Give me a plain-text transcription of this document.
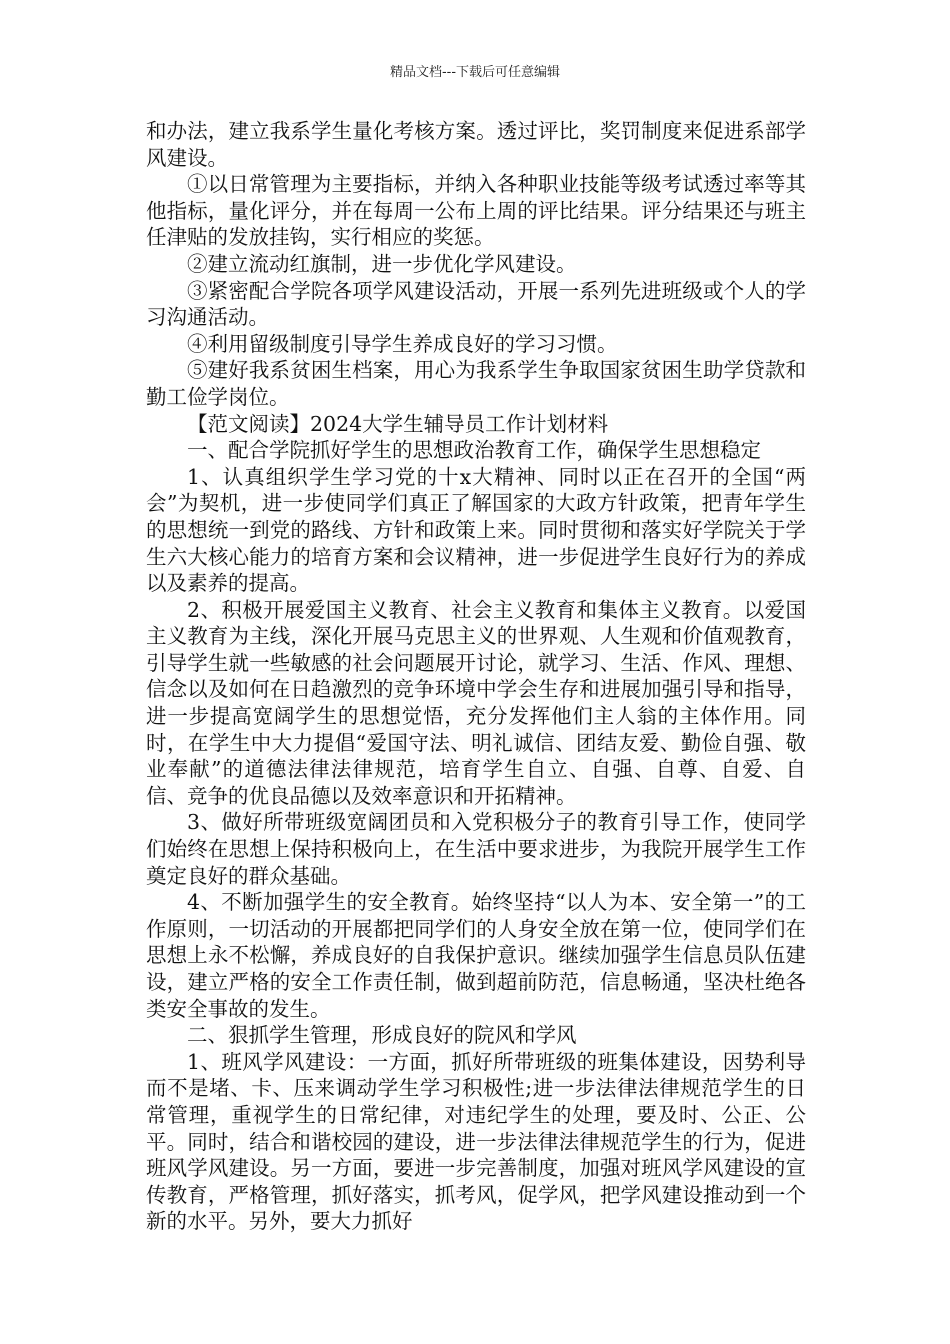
精品文档---下载后可任意编辑

和办法，建立我系学生量化考核方案。透过评比，奖罚制度来促进系部学风建设。

①以日常管理为主要指标，并纳入各种职业技能等级考试透过率等其他指标，量化评分，并在每周一公布上周的评比结果。评分结果还与班主任津贴的发放挂钩，实行相应的奖惩。

②建立流动红旗制，进一步优化学风建设。

③紧密配合学院各项学风建设活动，开展一系列先进班级或个人的学习沟通活动。

④利用留级制度引导学生养成良好的学习习惯。

⑤建好我系贫困生档案，用心为我系学生争取国家贫困生助学贷款和勤工俭学岗位。

【范文阅读】2024大学生辅导员工作计划材料

一、配合学院抓好学生的思想政治教育工作，确保学生思想稳定

1、认真组织学生学习党的十x大精神、同时以正在召开的全国“两会”为契机，进一步使同学们真正了解国家的大政方针政策，把青年学生的思想统一到党的路线、方针和政策上来。同时贯彻和落实好学院关于学生六大核心能力的培育方案和会议精神，进一步促进学生良好行为的养成以及素养的提高。

2、积极开展爱国主义教育、社会主义教育和集体主义教育。以爱国主义教育为主线，深化开展马克思主义的世界观、人生观和价值观教育，引导学生就一些敏感的社会问题展开讨论，就学习、生活、作风、理想、信念以及如何在日趋激烈的竞争环境中学会生存和进展加强引导和指导，进一步提高宽阔学生的思想觉悟，充分发挥他们主人翁的主体作用。同时，在学生中大力提倡“爱国守法、明礼诚信、团结友爱、勤俭自强、敬业奉献”的道德法律法律规范，培育学生自立、自强、自尊、自爱、自信、竞争的优良品德以及效率意识和开拓精神。

3、做好所带班级宽阔团员和入党积极分子的教育引导工作，使同学们始终在思想上保持积极向上，在生活中要求进步，为我院开展学生工作奠定良好的群众基础。

4、不断加强学生的安全教育。始终坚持“以人为本、安全第一”的工作原则，一切活动的开展都把同学们的人身安全放在第一位，使同学们在思想上永不松懈，养成良好的自我保护意识。继续加强学生信息员队伍建设，建立严格的安全工作责任制，做到超前防范，信息畅通，坚决杜绝各类安全事故的发生。

二、狠抓学生管理，形成良好的院风和学风

1、班风学风建设：一方面，抓好所带班级的班集体建设，因势利导而不是堵、卡、压来调动学生学习积极性;进一步法律法律规范学生的日常管理，重视学生的日常纪律，对违纪学生的处理，要及时、公正、公平。同时，结合和谐校园的建设，进一步法律法律规范学生的行为，促进班风学风建设。另一方面，要进一步完善制度，加强对班风学风建设的宣传教育，严格管理，抓好落实，抓考风，促学风，把学风建设推动到一个新的水平。另外，要大力抓好
